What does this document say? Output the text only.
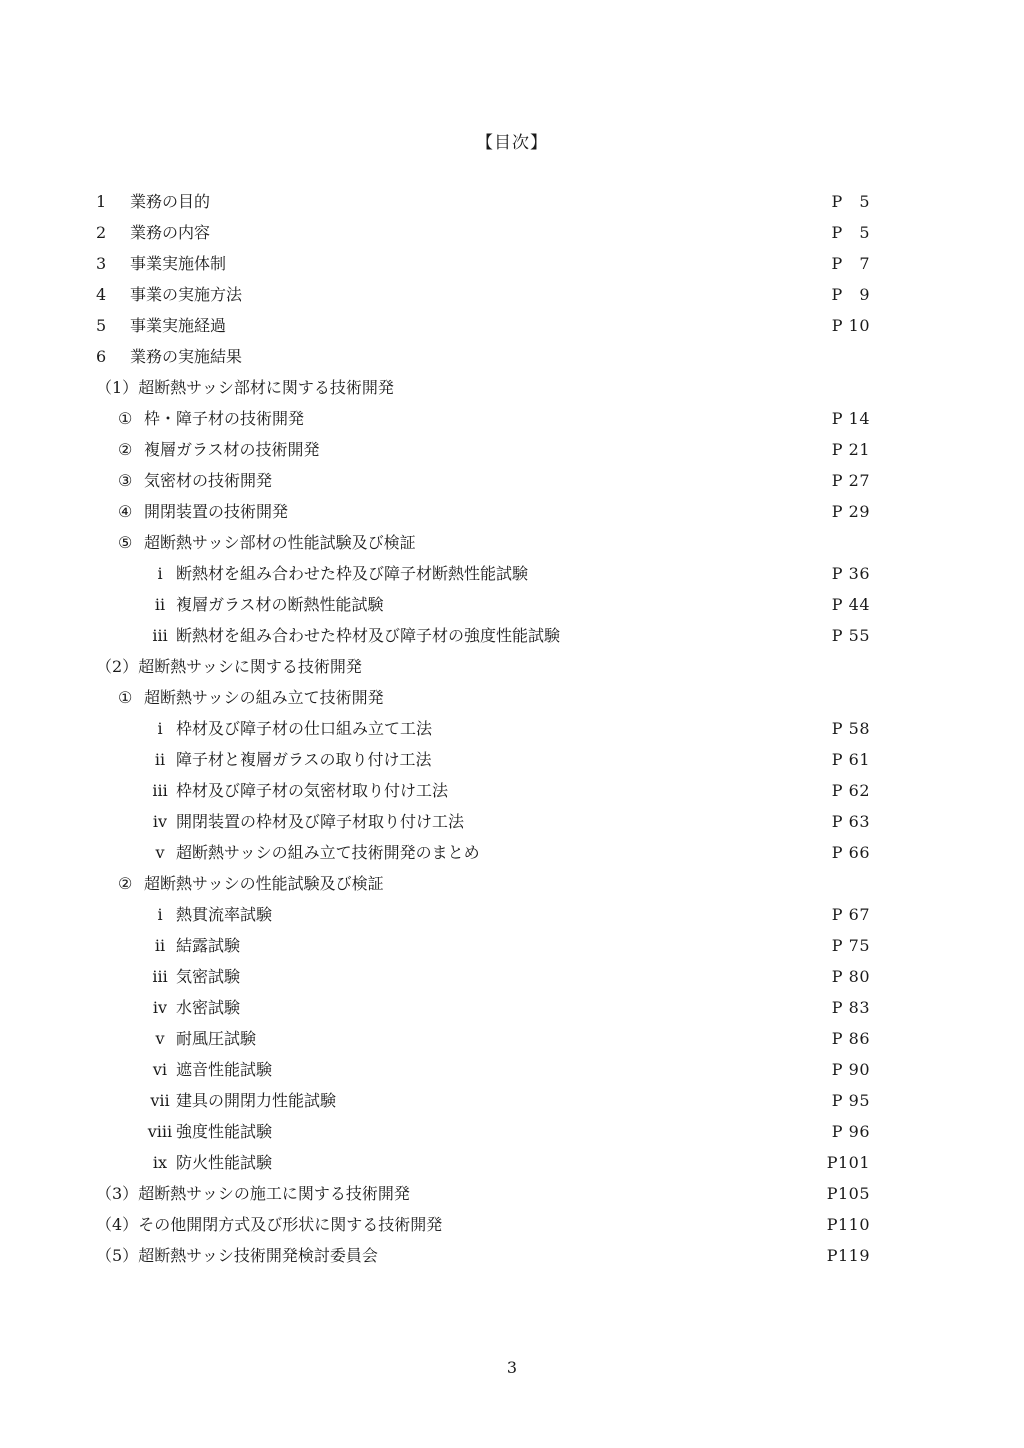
【目次】
1 業務の目的	P　5
2 業務の内容	P　5
3 事業実施体制	P　7
4 事業の実施方法	P　9
5 事業実施経過	P 10
6 業務の実施結果
（1）超断熱サッシ部材に関する技術開発
① 枠・障子材の技術開発	P 14
② 複層ガラス材の技術開発	P 21
③ 気密材の技術開発	P 27
④ 開閉装置の技術開発	P 29
⑤ 超断熱サッシ部材の性能試験及び検証
ⅰ 断熱材を組み合わせた枠及び障子材断熱性能試験	P 36
ⅱ 複層ガラス材の断熱性能試験	P 44
ⅲ 断熱材を組み合わせた枠材及び障子材の強度性能試験	P 55
（2）超断熱サッシに関する技術開発
① 超断熱サッシの組み立て技術開発
ⅰ 枠材及び障子材の仕口組み立て工法	P 58
ⅱ 障子材と複層ガラスの取り付け工法	P 61
ⅲ 枠材及び障子材の気密材取り付け工法	P 62
ⅳ 開閉装置の枠材及び障子材取り付け工法	P 63
ⅴ 超断熱サッシの組み立て技術開発のまとめ	P 66
② 超断熱サッシの性能試験及び検証
ⅰ 熱貫流率試験	P 67
ⅱ 結露試験	P 75
ⅲ 気密試験	P 80
ⅳ 水密試験	P 83
ⅴ 耐風圧試験	P 86
ⅵ 遮音性能試験	P 90
ⅶ 建具の開閉力性能試験	P 95
ⅷ 強度性能試験	P 96
ⅸ 防火性能試験	P101
（3）超断熱サッシの施工に関する技術開発	P105
（4）その他開閉方式及び形状に関する技術開発	P110
（5）超断熱サッシ技術開発検討委員会	P119
3
